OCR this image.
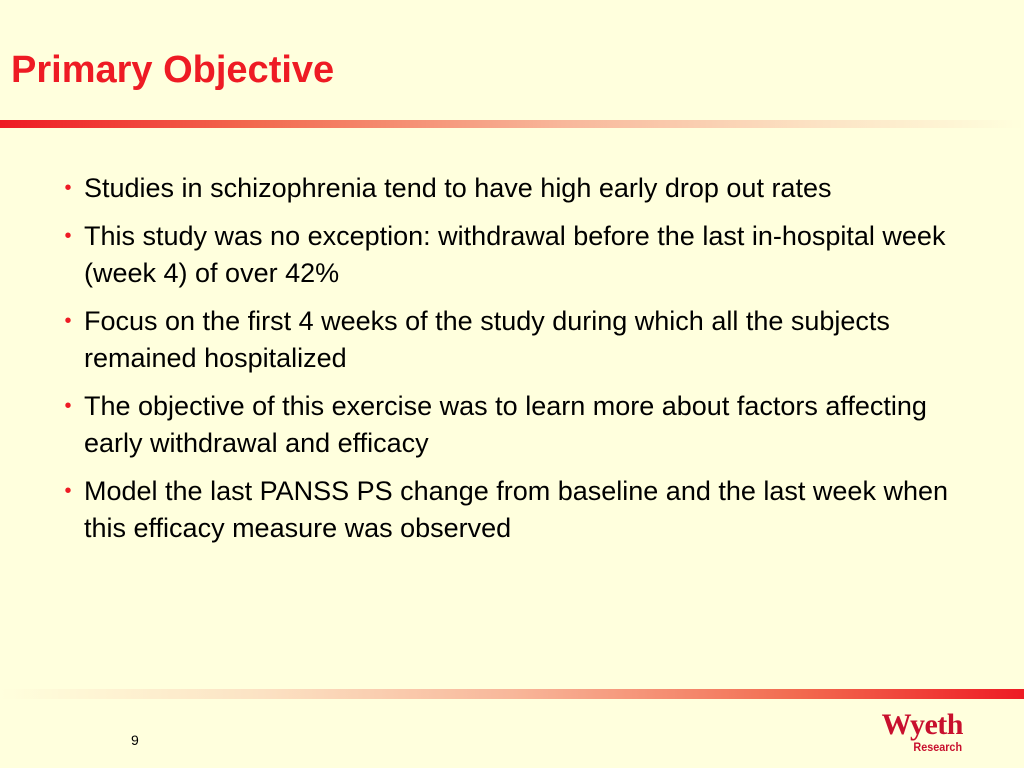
Primary Objective
• Studies in schizophrenia tend to have high early drop out rates
• This study was no exception: withdrawal before the last in-hospital week (week 4) of over 42%
• Focus on the first 4 weeks of the study during which all the subjects remained hospitalized
• The objective of this exercise was to learn more about factors affecting early withdrawal and efficacy
• Model the last PANSS PS change from baseline and the last week when this efficacy measure was observed
9	Wyeth
Research
